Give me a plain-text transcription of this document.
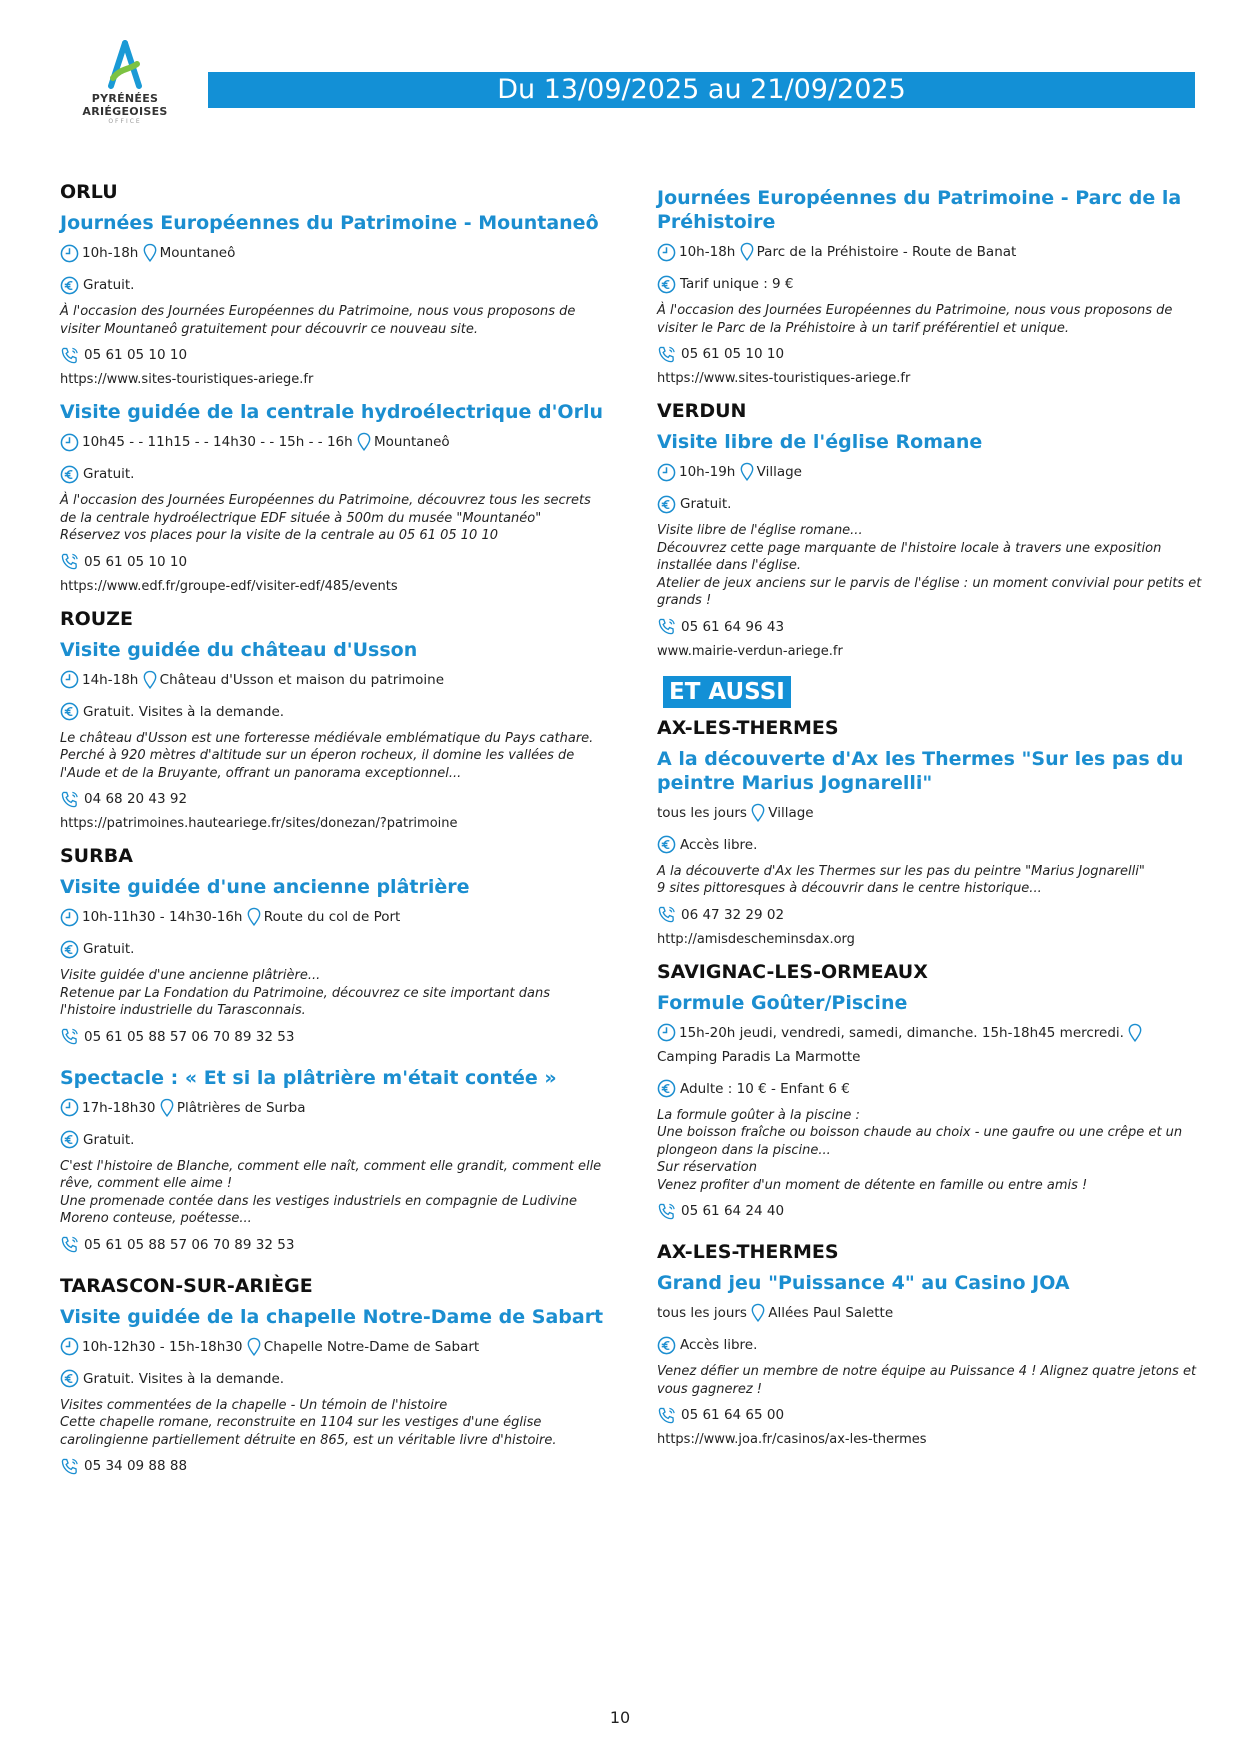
PYRÉNÉES
ARIÉGEOISES
OFFICE
Du 13/09/2025 au 21/09/2025
ORLU
Journées Européennes du Patrimoine - Mountaneô
10h-18h Mountaneô
Gratuit.
À l'occasion des Journées Européennes du Patrimoine, nous vous proposons de visiter Mountaneô gratuitement pour découvrir ce nouveau site.
05 61 05 10 10
https://www.sites-touristiques-ariege.fr
Visite guidée de la centrale hydroélectrique d'Orlu
10h45 - - 11h15 - - 14h30 - - 15h - - 16h Mountaneô
Gratuit.
À l'occasion des Journées Européennes du Patrimoine, découvrez tous les secrets de la centrale hydroélectrique EDF située à 500m du musée "Mountanéo"
Réservez vos places pour la visite de la centrale au 05 61 05 10 10
05 61 05 10 10
https://www.edf.fr/groupe-edf/visiter-edf/485/events
ROUZE
Visite guidée du château d'Usson
14h-18h Château d'Usson et maison du patrimoine
Gratuit. Visites à la demande.
Le château d'Usson est une forteresse médiévale emblématique du Pays cathare.
Perché à 920 mètres d'altitude sur un éperon rocheux, il domine les vallées de l'Aude et de la Bruyante, offrant un panorama exceptionnel...
04 68 20 43 92
https://patrimoines.hauteariege.fr/sites/donezan/?patrimoine
SURBA
Visite guidée d'une ancienne plâtrière
10h-11h30 - 14h30-16h Route du col de Port
Gratuit.
Visite guidée d'une ancienne plâtrière...
Retenue par La Fondation du Patrimoine, découvrez ce site important dans l'histoire industrielle du Tarasconnais.
05 61 05 88 57 06 70 89 32 53
Spectacle : « Et si la plâtrière m'était contée »
17h-18h30 Plâtrières de Surba
Gratuit.
C'est l'histoire de Blanche, comment elle naît, comment elle grandit, comment elle rêve, comment elle aime !
Une promenade contée dans les vestiges industriels en compagnie de Ludivine Moreno conteuse, poétesse...
05 61 05 88 57 06 70 89 32 53
TARASCON-SUR-ARIÈGE
Visite guidée de la chapelle Notre-Dame de Sabart
10h-12h30 - 15h-18h30 Chapelle Notre-Dame de Sabart
Gratuit. Visites à la demande.
Visites commentées de la chapelle - Un témoin de l'histoire
Cette chapelle romane, reconstruite en 1104 sur les vestiges d'une église carolingienne partiellement détruite en 865, est un véritable livre d'histoire.
05 34 09 88 88
Journées Européennes du Patrimoine - Parc de la Préhistoire
10h-18h Parc de la Préhistoire - Route de Banat
Tarif unique : 9 €
À l'occasion des Journées Européennes du Patrimoine, nous vous proposons de visiter le Parc de la Préhistoire à un tarif préférentiel et unique.
05 61 05 10 10
https://www.sites-touristiques-ariege.fr
VERDUN
Visite libre de l'église Romane
10h-19h Village
Gratuit.
Visite libre de l'église romane...
Découvrez cette page marquante de l'histoire locale à travers une exposition installée dans l'église.
Atelier de jeux anciens sur le parvis de l'église : un moment convivial pour petits et grands !
05 61 64 96 43
www.mairie-verdun-ariege.fr
ET AUSSI
AX-LES-THERMES
A la découverte d'Ax les Thermes "Sur les pas du peintre Marius Jognarelli"
tous les jours Village
Accès libre.
A la découverte d'Ax les Thermes sur les pas du peintre "Marius Jognarelli"
9 sites pittoresques à découvrir dans le centre historique...
06 47 32 29 02
http://amisdescheminsdax.org
SAVIGNAC-LES-ORMEAUX
Formule Goûter/Piscine
15h-20h jeudi, vendredi, samedi, dimanche. 15h-18h45 mercredi. Camping Paradis La Marmotte
Adulte : 10 € - Enfant 6 €
La formule goûter à la piscine :
Une boisson fraîche ou boisson chaude au choix - une gaufre ou une crêpe et un plongeon dans la piscine...
Sur réservation
Venez profiter d'un moment de détente en famille ou entre amis !
05 61 64 24 40
AX-LES-THERMES
Grand jeu "Puissance 4" au Casino JOA
tous les jours Allées Paul Salette
Accès libre.
Venez défier un membre de notre équipe au Puissance 4 ! Alignez quatre jetons et vous gagnerez !
05 61 64 65 00
https://www.joa.fr/casinos/ax-les-thermes
10
